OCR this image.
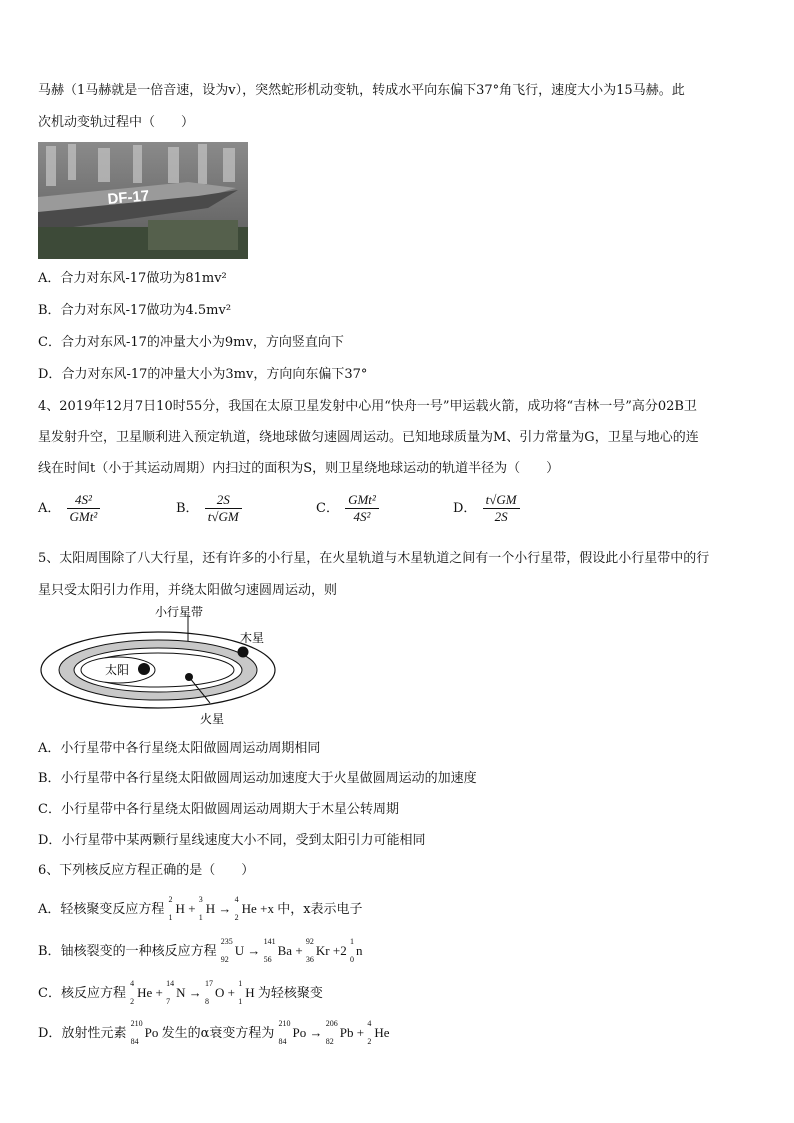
马赫（1马赫就是一倍音速，设为v），突然蛇形机动变轨，转成水平向东偏下37°角飞行，速度大小为15马赫。此
次机动变轨过程中（　　）
DF-17
A．合力对东风-17做功为81mv²
B．合力对东风-17做功为4.5mv²
C．合力对东风-17的冲量大小为9mv，方向竖直向下
D．合力对东风-17的冲量大小为3mv，方向向东偏下37°
4、2019年12月7日10时55分，我国在太原卫星发射中心用“快舟一号”甲运载火箭，成功将“吉林一号”高分02B卫
星发射升空，卫星顺利进入预定轨道，绕地球做匀速圆周运动。已知地球质量为M、引力常量为G，卫星与地心的连
线在时间t（小于其运动周期）内扫过的面积为S，则卫星绕地球运动的轨道半径为（　　）
A． $\frac{\text{4S²}}{\text{GMt²}}$	B． $\frac{2S}{t√GM}$	C． $\frac{\text{GMt²}}{\text{4S²}}$	D． $\frac{t√GM}{2S}$
5、太阳周围除了八大行星，还有许多的小行星，在火星轨道与木星轨道之间有一个小行星带，假设此小行星带中的行
星只受太阳引力作用，并绕太阳做匀速圆周运动，则
太阳
火星
木星
小行星带
A．小行星带中各行星绕太阳做圆周运动周期相同
B．小行星带中各行星绕太阳做圆周运动加速度大于火星做圆周运动的加速度
C．小行星带中各行星绕太阳做圆周运动周期大于木星公转周期
D．小行星带中某两颗行星线速度大小不同，受到太阳引力可能相同
6、下列核反应方程正确的是（　　）
A．轻核聚变反应方程
2
1
H +
3
1
H →
4
2
He +x 中，x表示电子
B．铀核裂变的一种核反应方程
235
92
U →
141
56
Ba +
92
36
Kr +2
1
0
n
C．核反应方程
4
2
He +
14
7
N →
17
8
O +
1
1
H 为轻核聚变
D．放射性元素
210
84
Po 发生的α衰变方程为
210
84
Po →
206
82
Pb +
4
2
He
